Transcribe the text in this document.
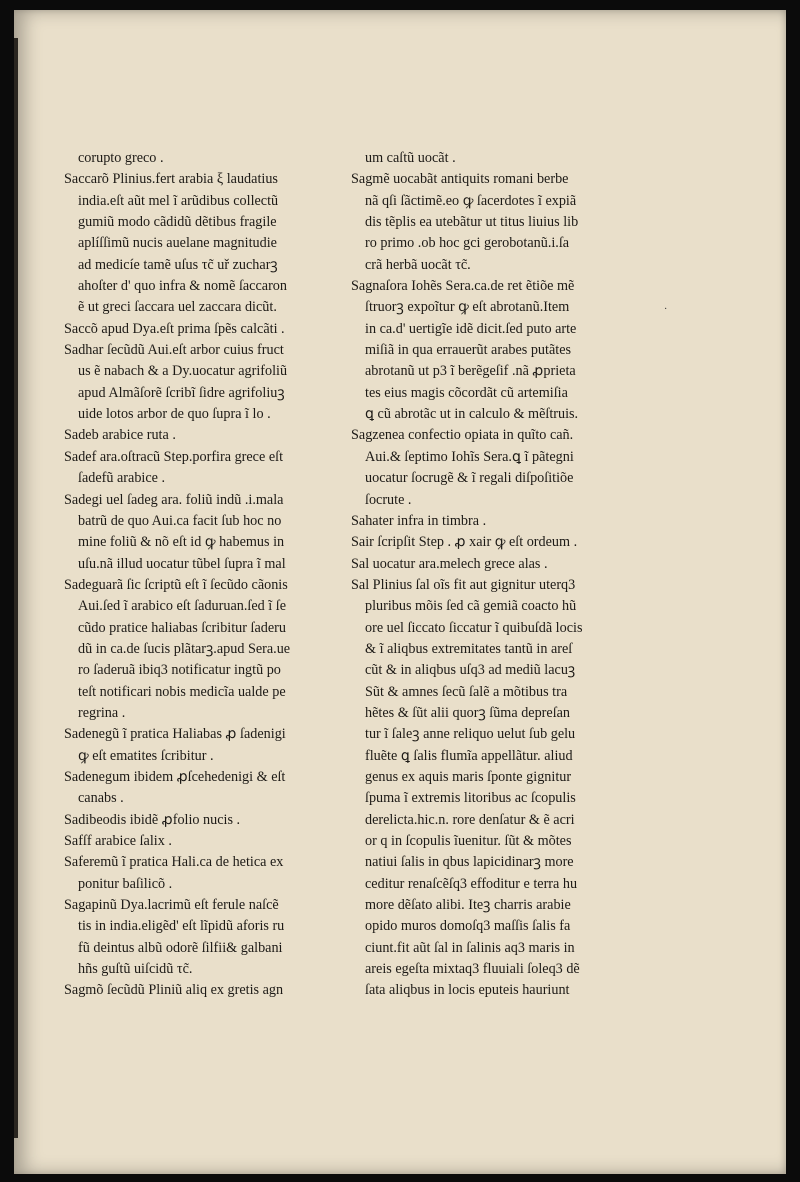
corupto greco .
Saccarõ Plinius.fert arabia ξ laudatius
india.eſt aũt mel ĩ arũdibus collectũ
gumiũ modo cãdidũ dẽtibus fragile
aplíſſimũ nucis auelane magnitudie
ad medicíe tamẽ uſus τc̃ uř zucharꝫ
ahoſter d' quo infra & nomẽ ſaccaron
ẽ ut greci ſaccara uel zaccara dicũt.
Saccõ apud Dya.eſt prima ſpẽs calcãti .
Sadhar ſecũdũ Aui.eſt arbor cuius fruct
us ẽ nabach & a Dy.uocatur agrifoliũ
apud Almãſorẽ ſcribĩ ſidre agrifoliuꝫ
uide lotos arbor de quo ſupra ĩ lo .
Sadeb arabice ruta .
Sadef ara.oſtracũ Step.porfira grece eſt
ſadefũ arabice .
Sadegi uel ſadeg ara. foliũ indũ .i.mala
batrũ de quo Aui.ca facit ſub hoc no
mine foliũ & nõ eſt id ꝙ habemus in
uſu.nã illud uocatur tũbel ſupra ĩ mal
Sadeguarã ſic ſcriptũ eſt ĩ ſecũdo cãonis
Aui.ſed ĩ arabico eſt ſaduruan.ſed ĩ ſe
cũdo pratice haliabas ſcribitur ſaderu
dũ in ca.de ſucis plãtarꝫ.apud Sera.ue
ro ſaderuã ibiq3 notificatur ingtũ po
teſt notificari nobis medicĩa ualde pe
regrina .
Sadenegũ ĩ pratica Haliabas ꝓ ſadenigi
ꝙ eſt ematites ſcribitur .
Sadenegum ibidem ꝓſcehedenigi & eſt
canabs .
Sadibeodis ibidẽ ꝓfolio nucis .
Safſf arabice ſalix .
Saferemũ ĩ pratica Hali.ca de hetica ex
ponitur baſilicõ .
Sagapinũ Dya.lacrimũ eſt ferule naſcẽ
tis in india.eligẽd' eſt lĩpidũ aforis ru
fũ deintus albũ odorẽ ſilfii& galbani
hñs guſtũ uiſcidũ τc̃.
Sagmõ ſecũdũ Pliniũ aliq ex gretis agn
um caſtũ uocãt .
Sagmẽ uocabãt antiquits romani berbe
nã qſi ſãctimẽ.eo ꝙ ſacerdotes ĩ expiã
dis tẽplis ea utebãtur ut titus liuius lib
ro primo .ob hoc gci gerobotanũ.i.ſa
crã herbã uocãt τc̃.
Sagnaſora Iohẽs Sera.ca.de ret ẽtiõe mẽ
ſtruorꝫ expoĩtur ꝙ eſt abrotanũ.Item
in ca.d' uertigĩe idẽ dicit.ſed puto arte
miſiã in qua errauerũt arabes putãtes
abrotanũ ut p3 ĩ berẽgeſif .nã ꝓprieta
tes eius magis cõcordãt cũ artemiſia
ꝗ cũ abrotãc ut in calculo & mẽſtruis.
Sagzenea confectio opiata in quĩto cañ.
Aui.& ſeptimo Iohĩs Sera.ꝗ ĩ pãtegni
uocatur ſocrugẽ & ĩ regali diſpoſitiõe
ſocrute .
Sahater infra in timbra .
Sair ſcripſit Step . ꝓ xair ꝙ eſt ordeum .
Sal uocatur ara.melech grece alas .
Sal Plinius ſal oĩs fit aut gignitur uterq3
pluribus mõis ſed cã gemiã coacto hũ
ore uel ſiccato ſiccatur ĩ quibuſdã locis
& ĩ aliqbus extremitates tantũ in areſ
cũt & in aliqbus uſq3 ad mediũ lacuꝫ
Sũt & amnes ſecũ ſalẽ a mõtibus tra
hẽtes & ſũt alii quorꝫ ſũma depreſan
tur ĩ ſaleꝫ anne reliquo uelut ſub gelu
fluẽte ꝗ ſalis flumĩa appellãtur. aliud
genus ex aquis maris ſponte gignitur
ſpuma ĩ extremis litoribus ac ſcopulis
derelicta.hic.n. rore denſatur & ẽ acri
or q in ſcopulis ĩuenitur. ſũt & mõtes
natiui ſalis in qbus lapicidinarꝫ more
ceditur renaſcẽſq3 effoditur e terra hu
more dẽſato alibi. Iteꝫ charris arabie
opido muros domoſq3 maſſis ſalis fa
ciunt.fit aũt ſal in ſalinis aq3 maris in
areis egeſta mixtaq3 fluuiali ſoleq3 dẽ
ſata aliqbus in locis eputeis hauriunt
·
